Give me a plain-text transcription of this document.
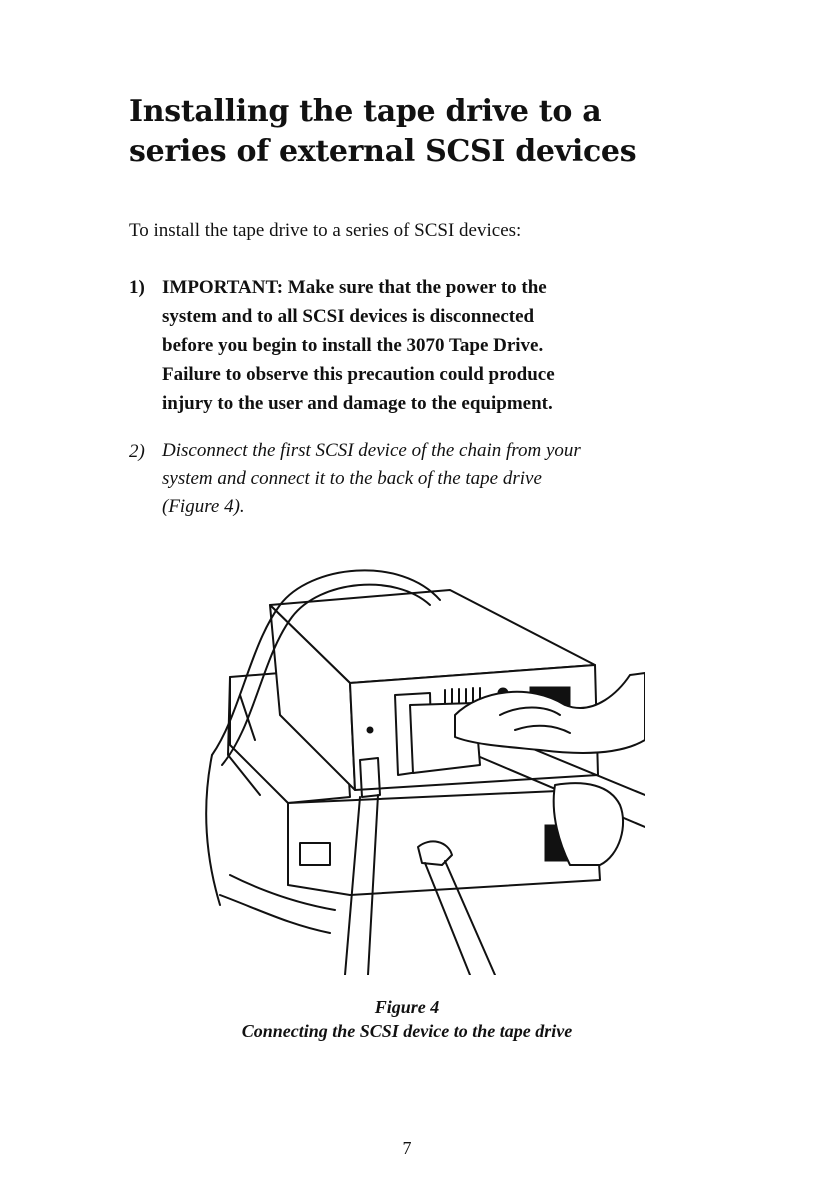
Installing the tape drive to a
series of external SCSI devices

To install the tape drive to a series of SCSI devices:

1) IMPORTANT: Make sure that the power to the
system and to all SCSI devices is disconnected
before you begin to install the 3070 Tape Drive.
Failure to observe this precaution could produce
injury to the user and damage to the equipment.
2) Disconnect the first SCSI device of the chain from your
system and connect it to the back of the tape drive
(Figure 4).

Figure 4

Connecting the SCSI device to the tape drive

7
